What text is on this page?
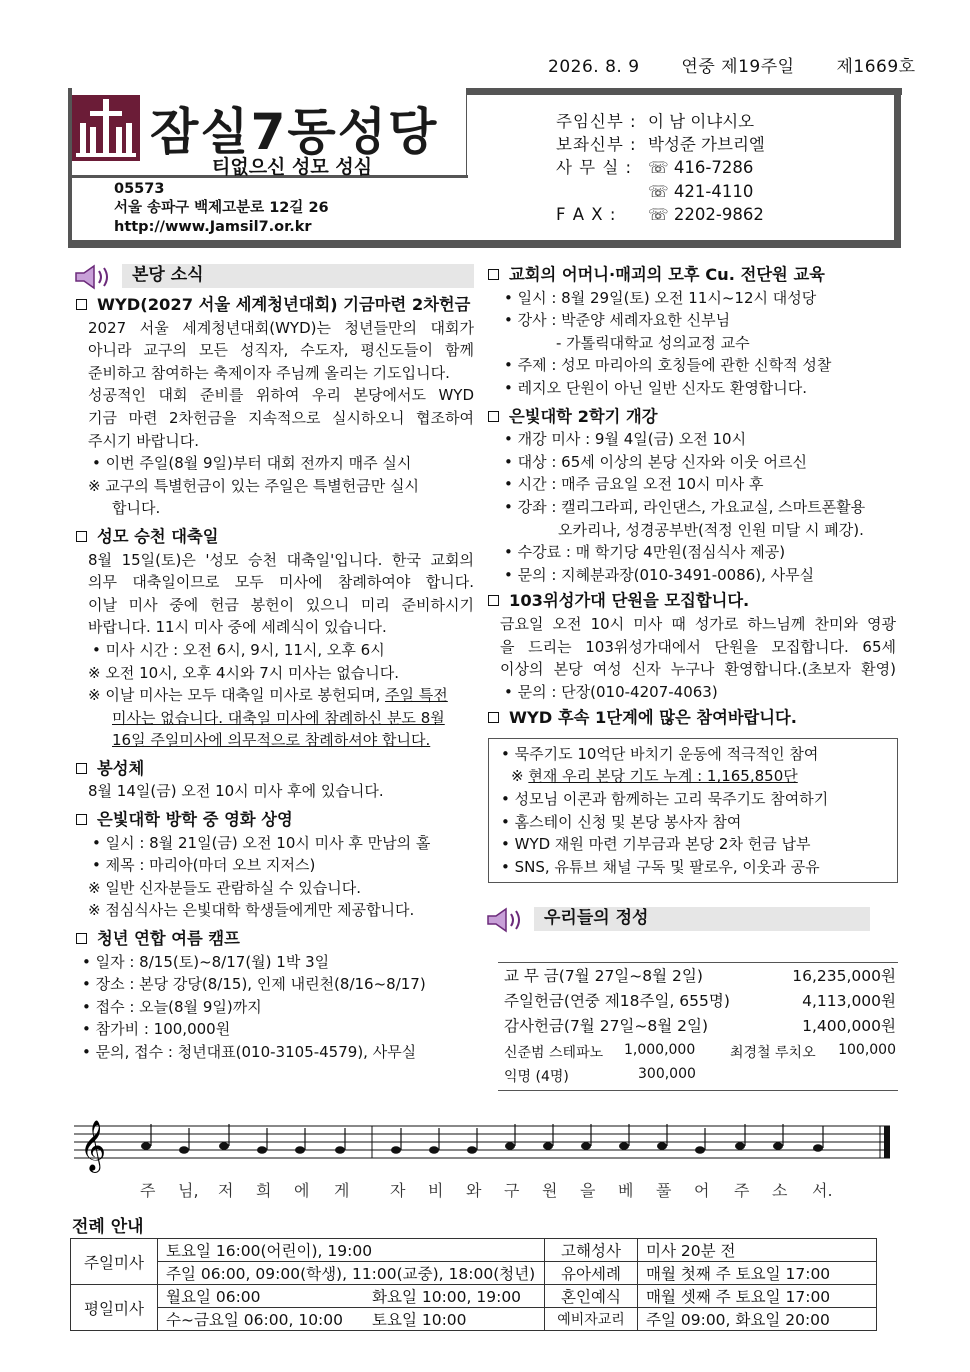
2026. 8. 9 연중 제19주일 제1669호
잠실7동성당
티없으신 성모 성심
05573
서울 송파구 백제고분로 12길 26
http://www.Jamsil7.or.kr
주임신부 : 이 남 이냐시오
보좌신부 : 박성준 가브리엘
사 무 실 : ☏ 416-7286
☏ 421-4110
F A X : ☏ 2202-9862
본당 소식
WYD(2027 서울 세계청년대회) 기금마련 2차헌금
2027 서울 세계청년대회(WYD)는 청년들만의 대회가
아니라 교구의 모든 성직자, 수도자, 평신도들이 함께
준비하고 참여하는 축제이자 주님께 올리는 기도입니다.
성공적인 대회 준비를 위하여 우리 본당에서도 WYD
기금 마련 2차헌금을 지속적으로 실시하오니 협조하여
주시기 바랍니다.
• 이번 주일(8월 9일)부터 대회 전까지 매주 실시
※ 교구의 특별헌금이 있는 주일은 특별헌금만 실시
합니다.
성모 승천 대축일
8월 15일(토)은 '성모 승천 대축일'입니다. 한국 교회의
의무 대축일이므로 모두 미사에 참례하여야 합니다.
이날 미사 중에 헌금 봉헌이 있으니 미리 준비하시기
바랍니다. 11시 미사 중에 세례식이 있습니다.
• 미사 시간 : 오전 6시, 9시, 11시, 오후 6시
※ 오전 10시, 오후 4시와 7시 미사는 없습니다.
※ 이날 미사는 모두 대축일 미사로 봉헌되며, 주일 특전
미사는 없습니다. 대축일 미사에 참례하신 분도 8월
16일 주일미사에 의무적으로 참례하셔야 합니다.
봉성체
8월 14일(금) 오전 10시 미사 후에 있습니다.
은빛대학 방학 중 영화 상영
• 일시 : 8월 21일(금) 오전 10시 미사 후 만남의 홀
• 제목 : 마리아(마더 오브 지저스)
※ 일반 신자분들도 관람하실 수 있습니다.
※ 점심식사는 은빛대학 학생들에게만 제공합니다.
청년 연합 여름 캠프
• 일자 : 8/15(토)~8/17(월) 1박 3일
• 장소 : 본당 강당(8/15), 인제 내린천(8/16~8/17)
• 접수 : 오늘(8월 9일)까지
• 참가비 : 100,000원
• 문의, 접수 : 청년대표(010-3105-4579), 사무실
교회의 어머니·매괴의 모후 Cu. 전단원 교육
• 일시 : 8월 29일(토) 오전 11시~12시 대성당
• 강사 : 박준양 세례자요한 신부님
- 가톨릭대학교 성의교정 교수
• 주제 : 성모 마리아의 호칭들에 관한 신학적 성찰
• 레지오 단원이 아닌 일반 신자도 환영합니다.
은빛대학 2학기 개강
• 개강 미사 : 9월 4일(금) 오전 10시
• 대상 : 65세 이상의 본당 신자와 이웃 어르신
• 시간 : 매주 금요일 오전 10시 미사 후
• 강좌 : 캘리그라피, 라인댄스, 가요교실, 스마트폰활용
오카리나, 성경공부반(적정 인원 미달 시 폐강).
• 수강료 : 매 학기당 4만원(점심식사 제공)
• 문의 : 지혜분과장(010-3491-0086), 사무실
103위성가대 단원을 모집합니다.
금요일 오전 10시 미사 때 성가로 하느님께 찬미와 영광
을 드리는 103위성가대에서 단원을 모집합니다. 65세
이상의 본당 여성 신자 누구나 환영합니다.(초보자 환영)
• 문의 : 단장(010-4207-4063)
WYD 후속 1단계에 많은 참여바랍니다.
• 묵주기도 10억단 바치기 운동에 적극적인 참여
※ 현재 우리 본당 기도 누계 : 1,165,850단
• 성모님 이콘과 함께하는 고리 묵주기도 참여하기
• 홈스테이 신청 및 본당 봉사자 참여
• WYD 재원 마련 기부금과 본당 2차 헌금 납부
• SNS, 유튜브 채널 구독 및 팔로우, 이웃과 공유
우리들의 정성
교 무 금(7월 27일~8월 2일)	16,235,000원
주일헌금(연중 제18주일, 655명)	4,113,000원
감사헌금(7월 27일~8월 2일)	1,400,000원
신준범 스테파노 1,000,000 최경철 루치오 100,000
익명 (4명)	300,000
𝄞
주 님, 저 희 에 게	자 비 와 구 원 을 베 풀 어 주 소 서.
전례 안내
주일미사	토요일 16:00(어린이), 19:00		고해성사	미사 20분 전
	주일 06:00, 09:00(학생), 11:00(교중), 18:00(청년)		유아세례	매월 첫째 주 토요일 17:00
평일미사	월요일 06:00	화요일 10:00, 19:00	혼인예식	매월 셋째 주 토요일 17:00
	수~금요일 06:00, 10:00	토요일 10:00	예비자교리	주일 09:00, 화요일 20:00
